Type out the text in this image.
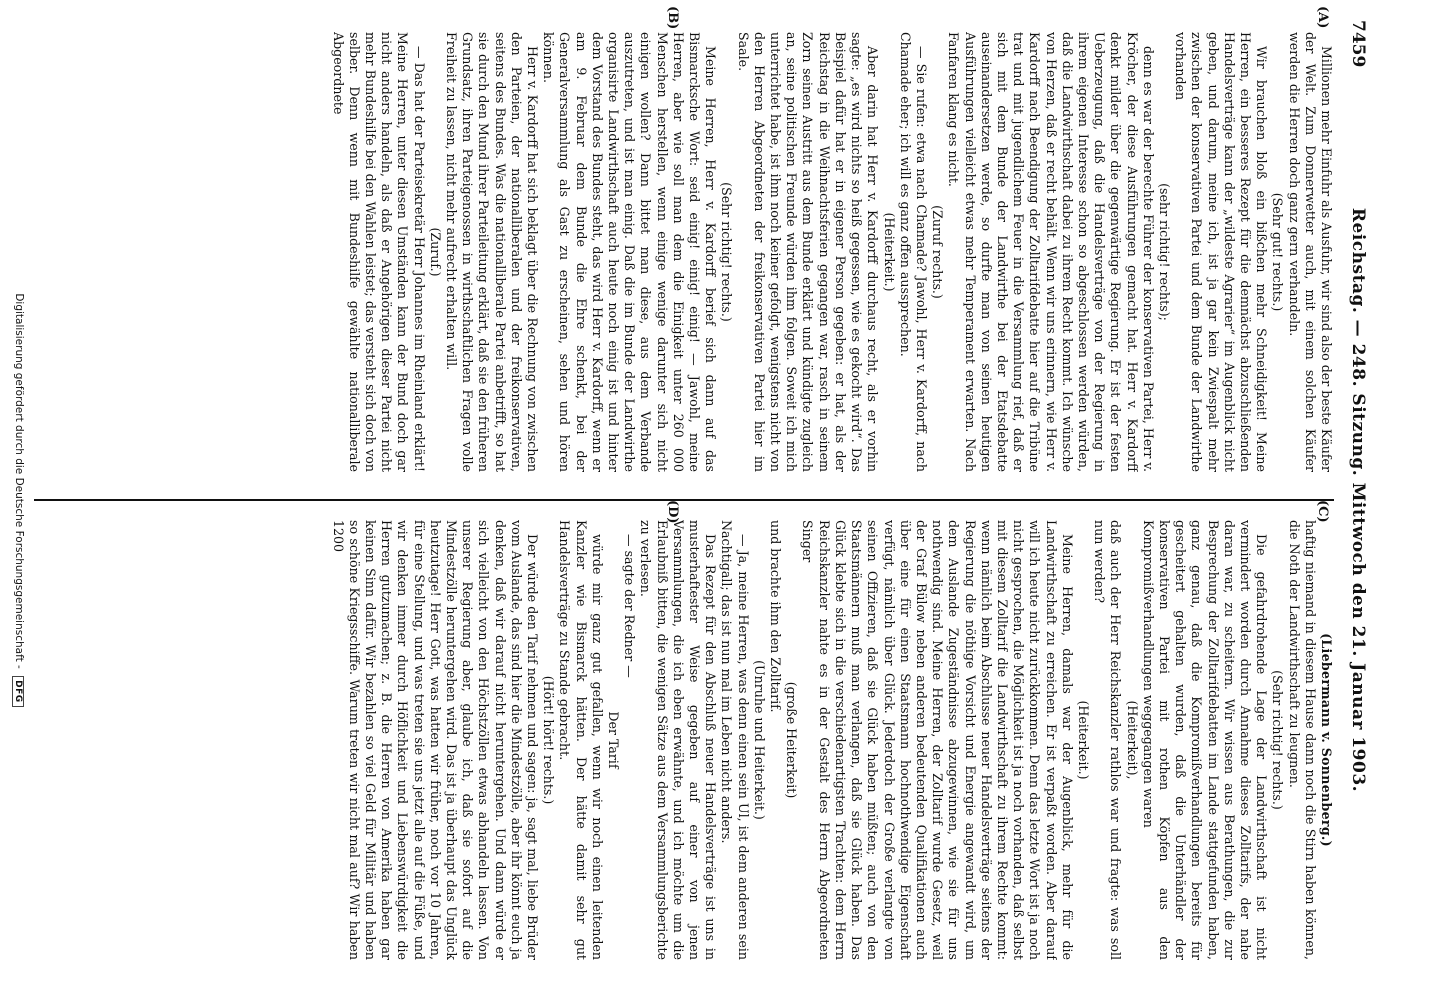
7459
Reichstag. — 248. Sitzung. Mittwoch den 21. Januar 1903.

Millionen mehr Einfuhr als Ausfuhr, wir sind also der beste Käufer der Welt. Zum Donnerwetter auch, mit einem solchen Käufer werden die Herren doch ganz gern verhandeln.

(Sehr gut! rechts.)

Wir brauchen bloß ein bißchen mehr Schneidigkeit! Meine Herren, ein besseres Rezept für die demnächst abzuschließenden Handelsverträge kann der „wildeste Agrarier“ im Augenblick nicht geben, und darum, meine ich, ist ja gar kein Zwiespalt mehr zwischen der konservativen Partei und dem Bunde der Landwirthe vorhanden

(sehr richtig! rechts);

denn es war der berechte Führer der konservativen Partei, Herr v. Kröcher, der diese Ausführungen gemacht hat. Herr v. Kardorff denkt milder über die gegenwärtige Regierung. Er ist der festen Ueberzeugung, daß die Handelsverträge von der Regierung in ihrem eigenen Interesse schon so abgeschlossen werden würden, daß die Landwirthschaft dabei zu ihrem Recht kommt. Ich wünsche von Herzen, daß er recht behält. Wenn wir uns erinnern, wie Herr v. Kardorff nach Beendigung der Zolltarifdebatte hier auf die Tribüne trat und mit jugendlichem Feuer in die Versammlung rief, daß er sich mit dem Bunde der Landwirthe bei der Etatsdebatte auseinandersetzen werde, so durfte man von seinen heutigen Ausführungen vielleicht etwas mehr Temperament erwarten. Nach Fanfaren klang es nicht.

(Zuruf rechts.)

— Sie rufen: etwa nach Chamade? Jawohl, Herr v. Kardorff, nach Chamade eher; ich will es ganz offen aussprechen.

(Heiterkeit.)

Aber darin hat Herr v. Kardorff durchaus recht, als er vorhin sagte: „es wird nichts so heiß gegessen, wie es gekocht wird“. Das Beispiel dafür hat er in eigener Person gegeben: er hat, als der Reichstag in die Weihnachtsferien gegangen war, rasch in seinem Zorn seinen Austritt aus dem Bunde erklärt und kündigte zugleich an, seine politischen Freunde würden ihm folgen. Soweit ich mich unterrichtet habe, ist ihm noch keiner gefolgt, wenigstens nicht von den Herren Abgeordneten der freikonservativen Partei hier im Saale.

(Sehr richtig! rechts.)

Meine Herren, Herr v. Kardorff berief sich dann auf das Bismarcksche Wort: seid einig! einig! einig! — Jawohl, meine Herren, aber wie soll man dem die Einigkeit unter 260 000 Menschen herstellen, wenn einige wenige darunter sich nicht einigen wollen? Dann bittet man diese, aus dem Verbande auszutreten, und ist man einig. Daß die im Bunde der Landwirthe organisirte Landwirthschaft auch heute noch einig ist und hinter dem Vorstand des Bundes steht, das wird Herr v. Kardorff, wenn er am 9. Februar dem Bunde die Ehre schenkt, bei der Generalversammlung als Gast zu erscheinen, sehen und hören können.

Herr v. Kardorff hat sich beklagt über die Rechnung von zwischen den Parteien, der nationalliberalen und der freikonservativen, seitens des Bundes. Was die nationalliberale Partei anbetrifft, so hat sie durch den Mund ihrer Parteileitung erklärt, daß sie den früheren Grundsatz, ihren Parteigenossen in wirthschaftlichen Fragen volle Freiheit zu lassen, nicht mehr aufrecht erhalten will.

(Zuruf.)

— Das hat der Parteisekretär Herr Johannes im Rheinland erklärt! Meine Herren, unter diesen Umständen kann der Bund doch gar nicht anders handeln, als daß er Angehörigen dieser Partei nicht mehr Bundeshilfe bei den Wahlen leistet; das versteht sich doch von selber. Denn wenn mit Bundeshilfe gewählte nationalliberale Abgeordnete

(Liebermann v. Sonnenberg.)

haftig niemand in diesem Hause dann noch die Stirn haben können, die Noth der Landwirthschaft zu leugnen.

(Sehr richtig! rechts.)

Die gefahrdrohende Lage der Landwirthschaft ist nicht vermindert worden durch Annahme dieses Zolltarifs, der nahe daran war, zu scheitern. Wir wissen aus Berathungen, die zur Besprechung der Zolltarifdebatten im Lande stattgefunden haben, ganz genau, daß die Kompromißverhandlungen bereits für gescheitert gehalten wurden, daß die Unterhändler der konservativen Partei mit rothen Köpfen aus den Kompromißverhandlungen weggegangen waren

(Heiterkeit),

daß auch der Herr Reichskanzler rathlos war und fragte: was soll nun werden?

(Heiterkeit.)

Meine Herren, damals war der Augenblick, mehr für die Landwirthschaft zu erreichen. Er ist verpaßt worden. Aber darauf will ich heute nicht zurückkommen. Denn das letzte Wort ist ja noch nicht gesprochen, die Möglichkeit ist ja noch vorhanden, daß selbst mit diesem Zolltarif die Landwirthschaft zu ihrem Rechte kommt: wenn nämlich beim Abschlusse neuer Handelsverträge seitens der Regierung die nöthige Vorsicht und Energie angewandt wird, um dem Auslande Zugeständnisse abzugewinnen, wie sie für uns nothwendig sind. Meine Herren, der Zolltarif wurde Gesetz, weil der Graf Bülow neben anderen bedeutenden Qualifikationen auch über eine für einen Staatsmann hochnothwendige Eigenschaft verfügt, nämlich über Glück. Jederdoch der Große verlangte von seinen Offizieren, daß sie Glück haben müßten; auch von den Staatsmännern muß man verlangen, daß sie Glück haben. Das Glück klebte sich in die verschiedenartigsten Trachten: dem Herrn Reichskanzler nahte es in der Gestalt des Herrn Abgeordneten Singer

(große Heiterkeit)

und brachte ihm den Zolltarif.

(Unruhe und Heiterkeit.)

— Ja, meine Herren, was denn einen sein Ul, ist dem anderen sein Nachtigall; das ist nun mal im Leben nicht anders.

Das Rezept für den Abschluß neuer Handelsverträge ist uns in musterhaftester Weise gegeben auf einer von jenen Versammlungen, die ich eben erwähnte, und ich möchte um die Erlaubniß bitten, die wenigen Sätze aus dem Versammlungsberichte zu verlesen.

— sagte der Redner —

Der Tarif

würde mir ganz gut gefallen, wenn wir noch einen leitenden Kanzler wie Bismarck hätten. Der hätte damit sehr gut Handelsverträge zu Stande gebracht.

(Hört! hört! rechts.)

Der würde den Tarif nehmen und sagen: ja, sagt mal, liebe Brüder vom Auslande, das sind hier die Mindestzölle, aber ihr könnt euch ja denken, daß wir darauf nicht heruntergehen. Und dann würde er sich vielleicht von den Höchstzöllen etwas abhandeln lassen. Von unserer Regierung aber, glaube ich, daß sie sofort auf die Mindestzölle heruntergehen wird. Das ist ja überhaupt das Unglück heutzutage! Herr Gott, was hatten wir früher, noch vor 10 Jahren, für eine Stellung, und was treten sie uns jetzt alle auf die Füße, und wir denken immer durch Höflichkeit und Liebenswürdigkeit die Herren gutzumachen; z. B. die Herren von Amerika haben gar keinen Sinn dafür. Wir bezahlen so viel Geld für Militär und haben so schöne Kriegsschiffe. Warum treten wir nicht mal auf? Wir haben 1200

(C)
(D)
(A)
(B)
Digitalisierung gefördert durch die Deutsche Forschungsgemeinschaft - DFG
